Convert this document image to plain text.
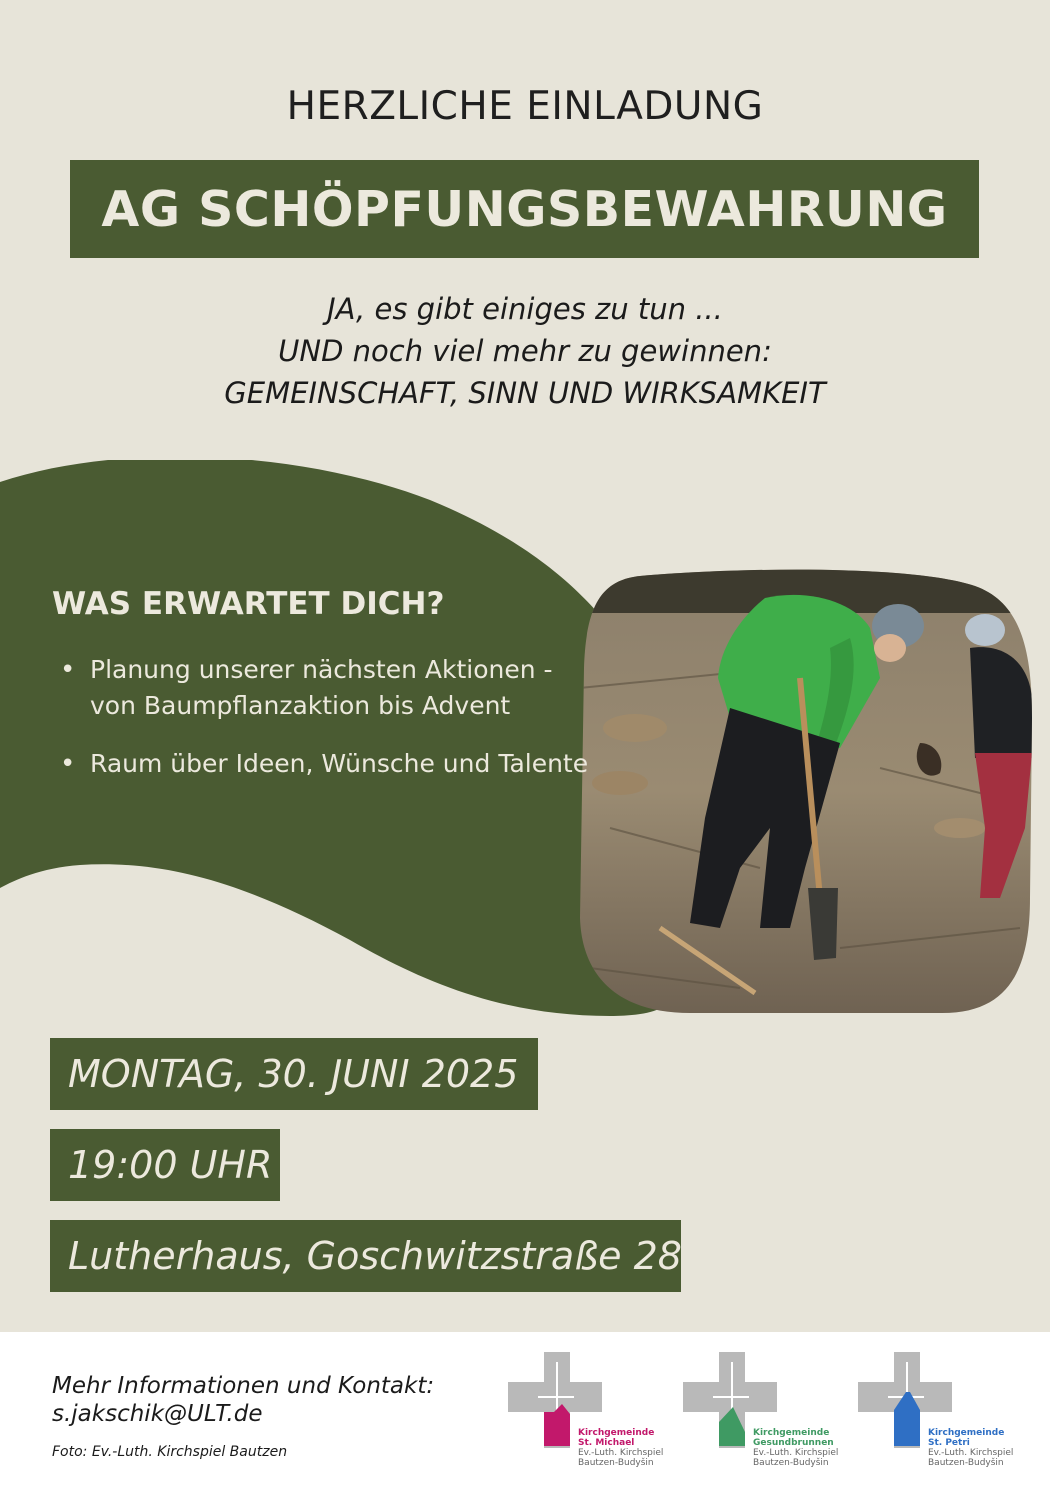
HERZLICHE EINLADUNG
AG SCHÖPFUNGSBEWAHRUNG
JA, es gibt einiges zu tun ...
UND noch viel mehr zu gewinnen:
GEMEINSCHAFT, SINN UND WIRKSAMKEIT
WAS ERWARTET DICH?
• Planung unserer nächsten Aktionen - von Baumpflanzaktion bis Advent
• Raum über Ideen, Wünsche und Talente
MONTAG, 30. JUNI 2025
19:00 UHR
Lutherhaus, Goschwitzstraße 28
Mehr Informationen und Kontakt:
s.jakschik@ULT.de
Foto: Ev.-Luth. Kirchspiel Bautzen
Kirchgemeinde
St. Michael
Ev.-Luth. Kirchspiel
Bautzen-Budyšin
Kirchgemeinde
Gesundbrunnen
Ev.-Luth. Kirchspiel
Bautzen-Budyšin
Kirchgemeinde
St. Petri
Ev.-Luth. Kirchspiel
Bautzen-Budyšin
